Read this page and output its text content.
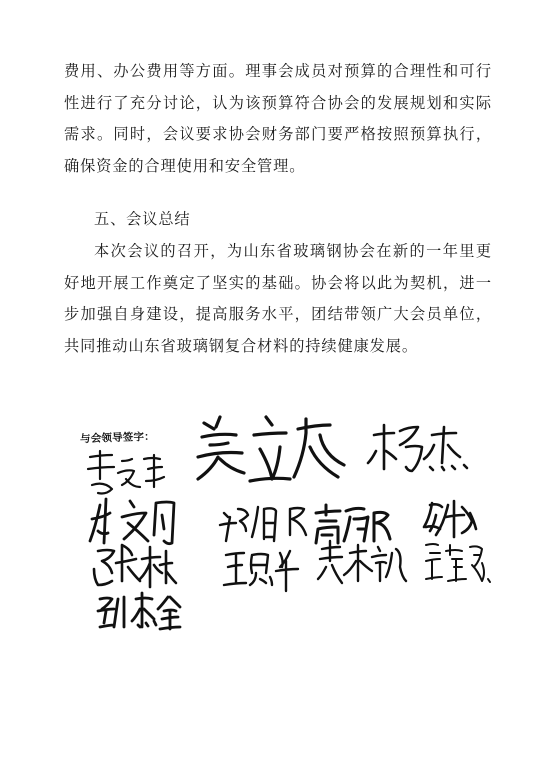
费用、办公费用等方面。理事会成员对预算的合理性和可行性进行了充分讨论，认为该预算符合协会的发展规划和实际需求。同时，会议要求协会财务部门要严格按照预算执行，确保资金的合理使用和安全管理。

五、会议总结

本次会议的召开，为山东省玻璃钢协会在新的一年里更好地开展工作奠定了坚实的基础。协会将以此为契机，进一步加强自身建设，提高服务水平，团结带领广大会员单位，共同推动山东省玻璃钢复合材料的持续健康发展。

与会领导签字：
